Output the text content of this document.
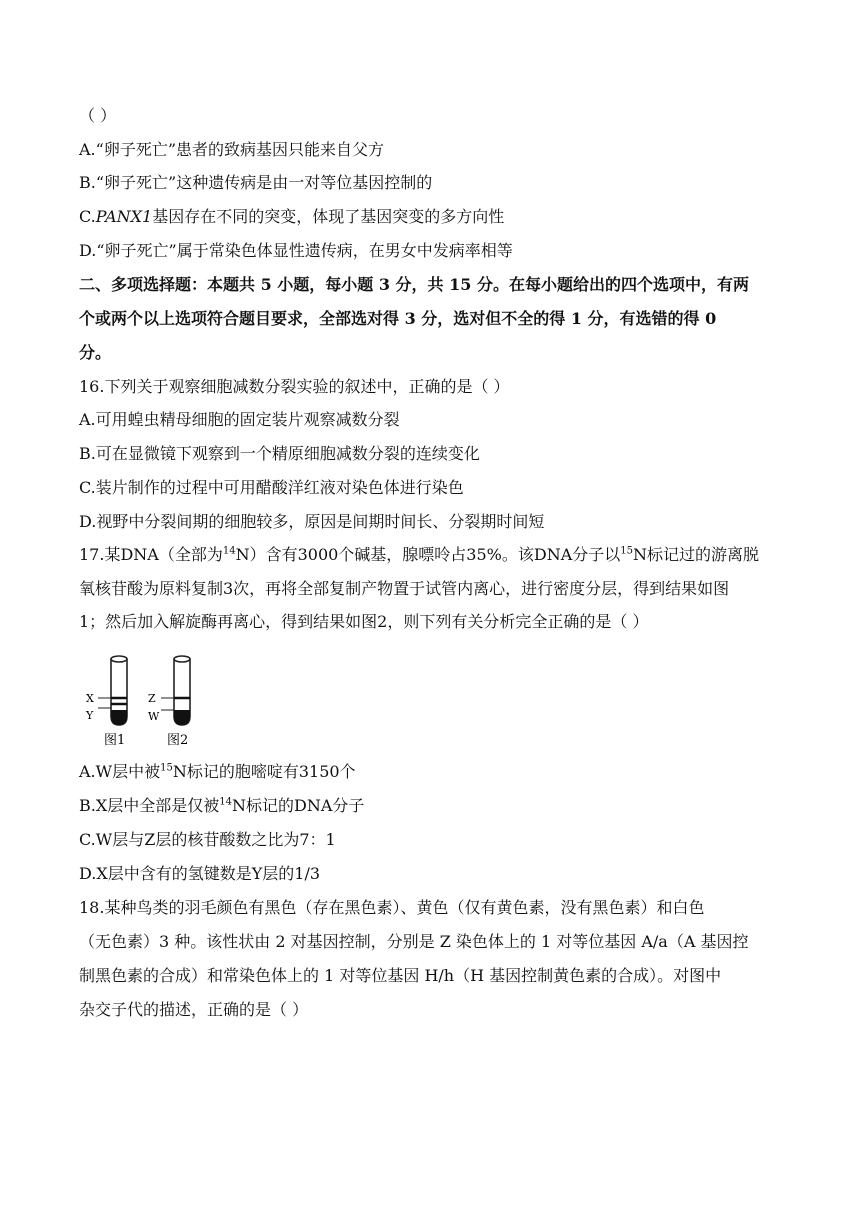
（ ）
A.“卵子死亡”患者的致病基因只能来自父方
B.“卵子死亡”这种遗传病是由一对等位基因控制的
C.PANX1基因存在不同的突变，体现了基因突变的多方向性
D.“卵子死亡”属于常染色体显性遗传病，在男女中发病率相等
二、多项选择题：本题共 5 小题，每小题 3 分，共 15 分。在每小题给出的四个选项中，有两
个或两个以上选项符合题目要求，全部选对得 3 分，选对但不全的得 1 分，有选错的得 0
分。
16.下列关于观察细胞减数分裂实验的叙述中，正确的是（ ）
A.可用蝗虫精母细胞的固定装片观察减数分裂
B.可在显微镜下观察到一个精原细胞减数分裂的连续变化
C.装片制作的过程中可用醋酸洋红液对染色体进行染色
D.视野中分裂间期的细胞较多，原因是间期时间长、分裂期时间短
17.某DNA（全部为$^{14}$N）含有3000个碱基，腺嘌呤占35%。该DNA分子以$^{15}$N标记过的游离脱
氧核苷酸为原料复制3次，再将全部复制产物置于试管内离心，进行密度分层，得到结果如图
1；然后加入解旋酶再离心，得到结果如图2，则下列有关分析完全正确的是（ ）
X
Y
Z
W
图1	图2
A.W层中被$^{15}$N标记的胞嘧啶有3150个
B.X层中全部是仅被$^{14}$N标记的DNA分子
C.W层与Z层的核苷酸数之比为7：1
D.X层中含有的氢键数是Y层的1/3
18.某种鸟类的羽毛颜色有黑色（存在黑色素）、黄色（仅有黄色素，没有黑色素）和白色
（无色素）3 种。该性状由 2 对基因控制，分别是 Z 染色体上的 1 对等位基因 A/a（A 基因控
制黑色素的合成）和常染色体上的 1 对等位基因 H/h（H 基因控制黄色素的合成）。对图中
杂交子代的描述，正确的是（ ）
